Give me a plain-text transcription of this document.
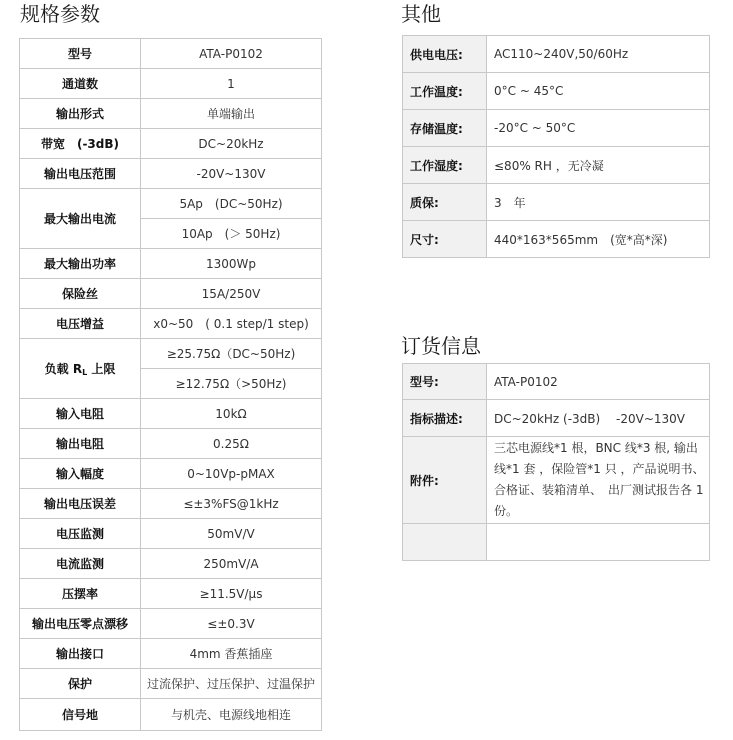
规格参数
型号	ATA-P0102
通道数	1
输出形式	单端输出
带宽　(-3dB)	DC~20kHz
输出电压范围	-20V~130V
最大输出电流	5Ap　(DC~50Hz)
	10Ap　(＞ 50Hz)
最大输出功率	1300Wp
保险丝	15A/250V
电压增益	x0~50　( 0.1 step/1 step)
负载 $R_L$ 上限	≥25.75Ω（DC~50Hz)
	≥12.75Ω（>50Hz)
输入电阻	10kΩ
输出电阻	0.25Ω
输入幅度	0~10Vp-pMAX
输出电压误差	≤±3%FS@1kHz
电压监测	50mV/V
电流监测	250mV/A
压摆率	≥11.5V/μs
输出电压零点漂移	≤±0.3V
输出接口	4mm 香蕉插座
保护	过流保护、过压保护、过温保护
信号地	与机壳、电源线地相连
其他
供电电压:	AC110~240V,50/60Hz
工作温度:	0°C ~ 45°C
存储温度:	-20°C ~ 50°C
工作湿度:	≤80% RH ，无冷凝
质保:	3　年
尺寸:	440*163*565mm　(宽*高*深)
订货信息
型号:	ATA-P0102
指标描述:	DC~20kHz (-3dB)　 -20V~130V
附件:	三芯电源线*1 根，BNC 线*3 根, 输出线*1 套 ，保险管*1 只 ，产品说明书、合格证、装箱清单、　出厂测试报告各 1 份。
